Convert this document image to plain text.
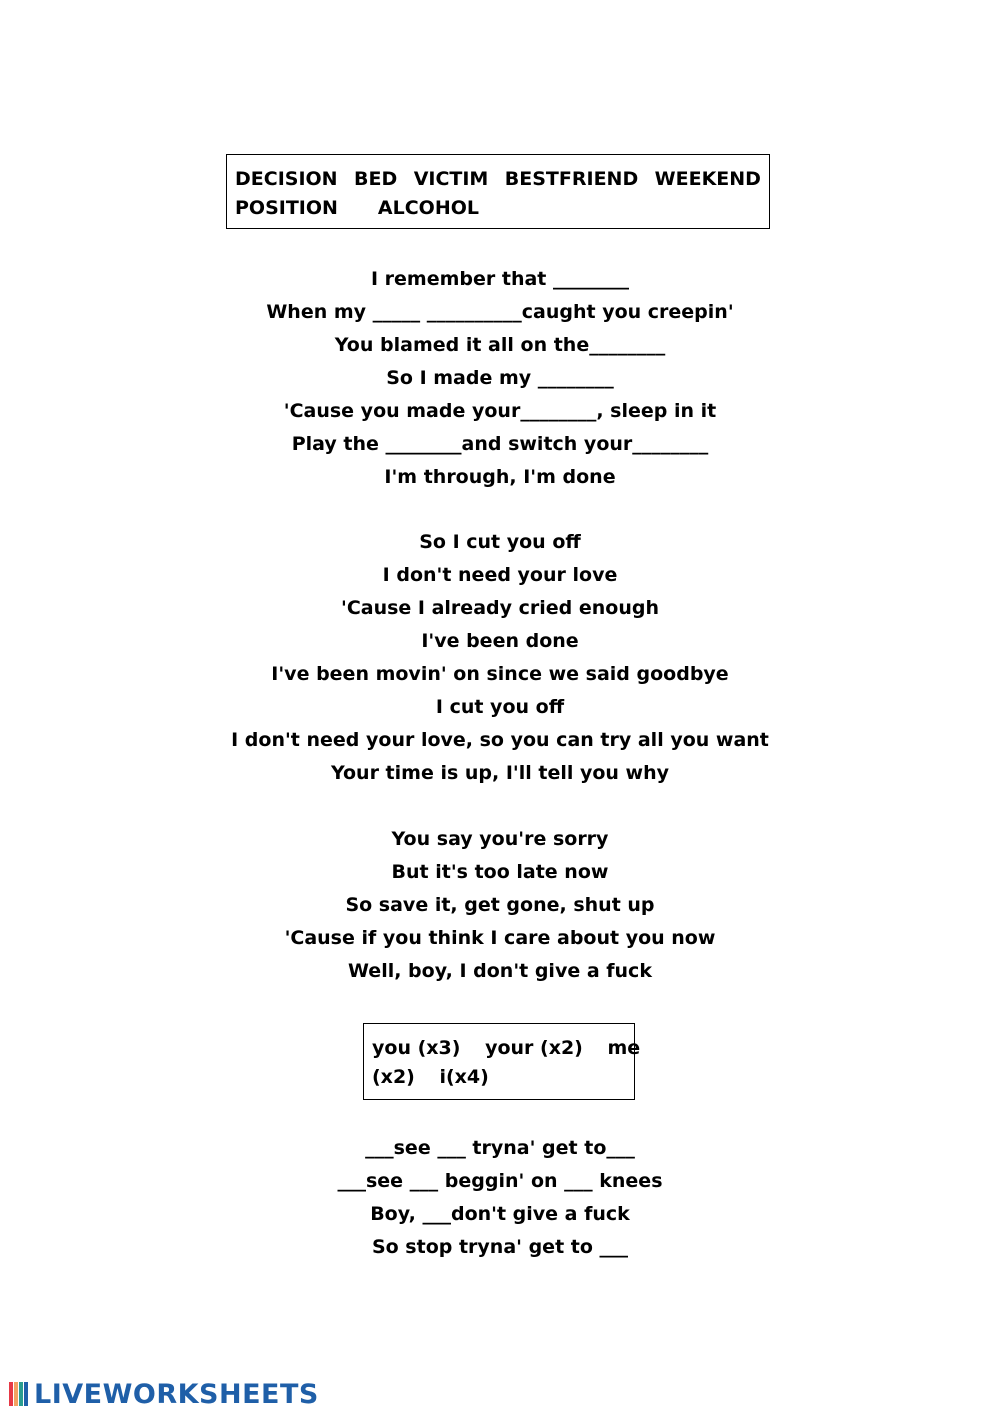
DECISION BED VICTIM BESTFRIEND WEEKEND
POSITION ALCOHOL
I remember that ________
When my _____ __________caught you creepin'
You blamed it all on the________
So I made my ________
'Cause you made your________, sleep in it
Play the ________and switch your________
I'm through, I'm done
So I cut you off
I don't need your love
'Cause I already cried enough
I've been done
I've been movin' on since we said goodbye
I cut you off
I don't need your love, so you can try all you want
Your time is up, I'll tell you why
You say you're sorry
But it's too late now
So save it, get gone, shut up
'Cause if you think I care about you now
Well, boy, I don't give a fuck
you (x3) your (x2) me
(x2) i(x4)
___see ___ tryna' get to___
___see ___ beggin' on ___ knees
Boy, ___don't give a fuck
So stop tryna' get to ___
LIVEWORKSHEETS
